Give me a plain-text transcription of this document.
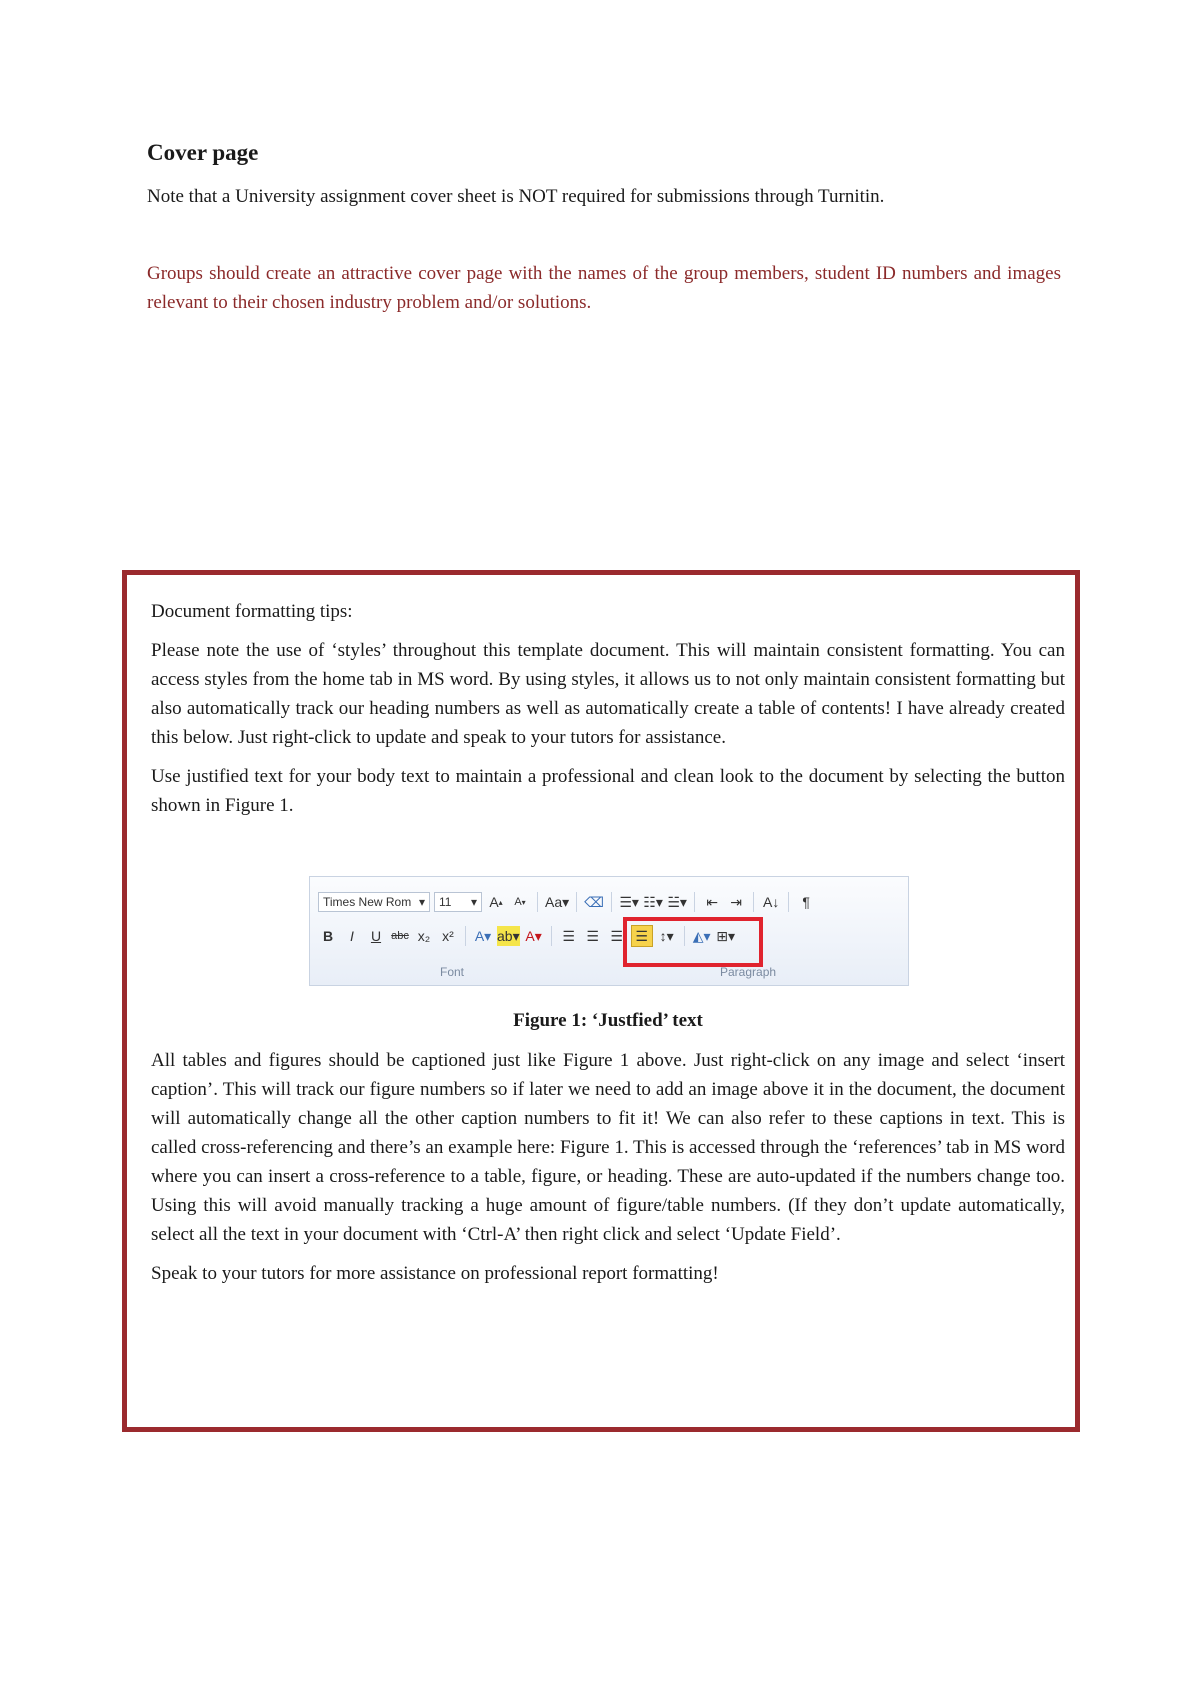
Cover page

Note that a University assignment cover sheet is NOT required for submissions through Turnitin.

Groups should create an attractive cover page with the names of the group members, student ID numbers and images relevant to their chosen industry problem and/or solutions.

Document formatting tips:

Please note the use of ‘styles’ throughout this template document. This will maintain consistent formatting. You can access styles from the home tab in MS word. By using styles, it allows us to not only maintain consistent formatting but also automatically track our heading numbers as well as automatically create a table of contents! I have already created this below. Just right-click to update and speak to your tutors for assistance.

Use justified text for your body text to maintain a professional and clean look to the document by selecting the button shown in Figure 1.

Times New Rom ▾ 11 ▾ A ▴	A ▾ Aa▾ ⌫ ☰▾ ☷▾ ☱▾ ⇤ ⇥ A↓	¶
B	I	U abc x₂ x² A▾ ab▾ A▾ ☰ ☰ ☰ ☰ ↕▾ ◭▾ ⊞▾
Font	Paragraph
Figure 1: ‘Justfied’ text

All tables and figures should be captioned just like Figure 1 above. Just right-click on any image and select ‘insert caption’. This will track our figure numbers so if later we need to add an image above it in the document, the document will automatically change all the other caption numbers to fit it! We can also refer to these captions in text. This is called cross-referencing and there’s an example here: Figure 1. This is accessed through the ‘references’ tab in MS word where you can insert a cross-reference to a table, figure, or heading. These are auto-updated if the numbers change too. Using this will avoid manually tracking a huge amount of figure/table numbers. (If they don’t update automatically, select all the text in your document with ‘Ctrl-A’ then right click and select ‘Update Field’.

Speak to your tutors for more assistance on professional report formatting!
